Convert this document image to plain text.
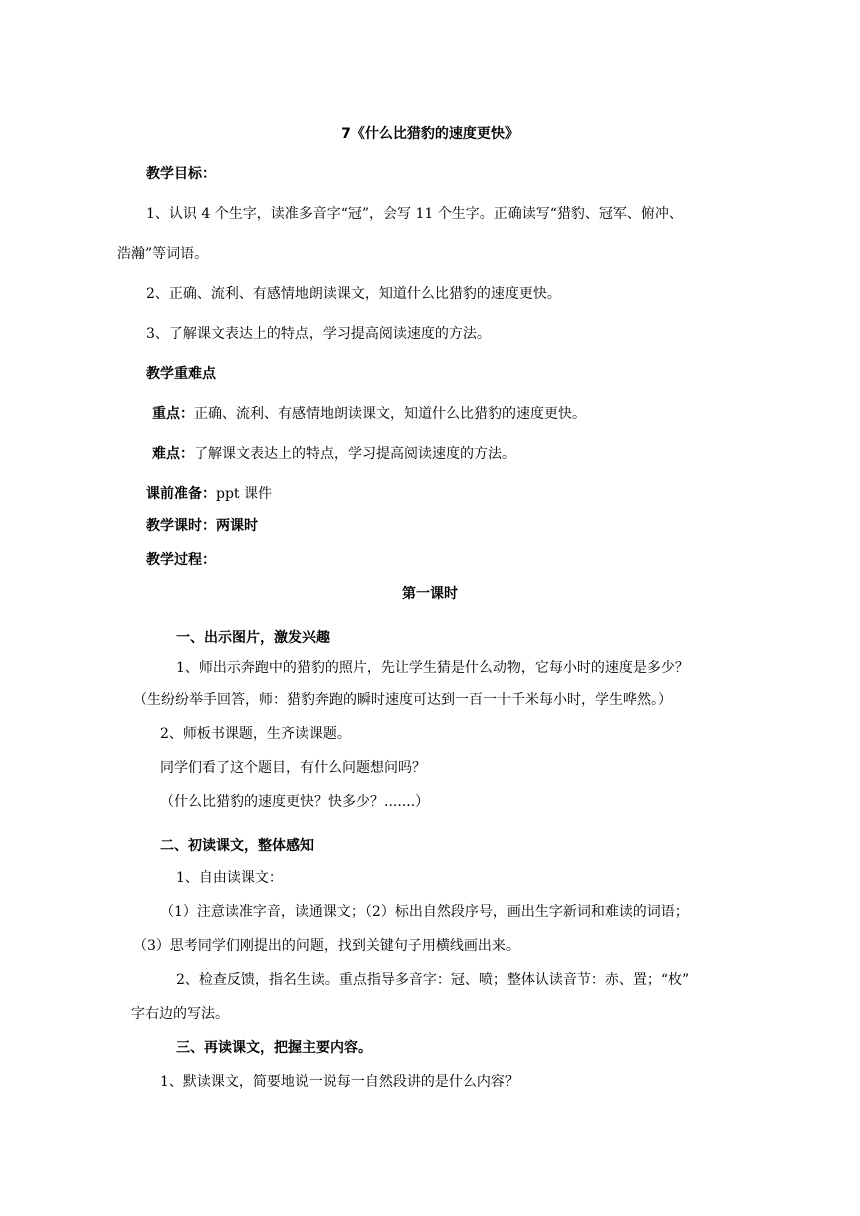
7《什么比猎豹的速度更快》
教学目标：
1、认识 4 个生字，读准多音字“冠”，会写 11 个生字。正确读写“猎豹、冠军、俯冲、
浩瀚”等词语。
2、正确、流利、有感情地朗读课文，知道什么比猎豹的速度更快。
3、了解课文表达上的特点，学习提高阅读速度的方法。
教学重难点
重点：正确、流利、有感情地朗读课文，知道什么比猎豹的速度更快。
难点：了解课文表达上的特点，学习提高阅读速度的方法。
课前准备：ppt 课件
教学课时：两课时
教学过程：
第一课时
一、出示图片，激发兴趣
1、师出示奔跑中的猎豹的照片，先让学生猜是什么动物，它每小时的速度是多少？
（生纷纷举手回答，师：猎豹奔跑的瞬时速度可达到一百一十千米每小时，学生哗然。）
2、师板书课题，生齐读课题。
同学们看了这个题目，有什么问题想问吗？
（什么比猎豹的速度更快？快多少？.......）
二、初读课文，整体感知
1、自由读课文：
（1）注意读准字音，读通课文；（2）标出自然段序号，画出生字新词和难读的词语；
（3）思考同学们刚提出的问题，找到关键句子用横线画出来。
2、检查反馈，指名生读。重点指导多音字：冠、喷；整体认读音节：赤、置；“枚”
字右边的写法。
三、再读课文，把握主要内容。
1、默读课文，简要地说一说每一自然段讲的是什么内容？
